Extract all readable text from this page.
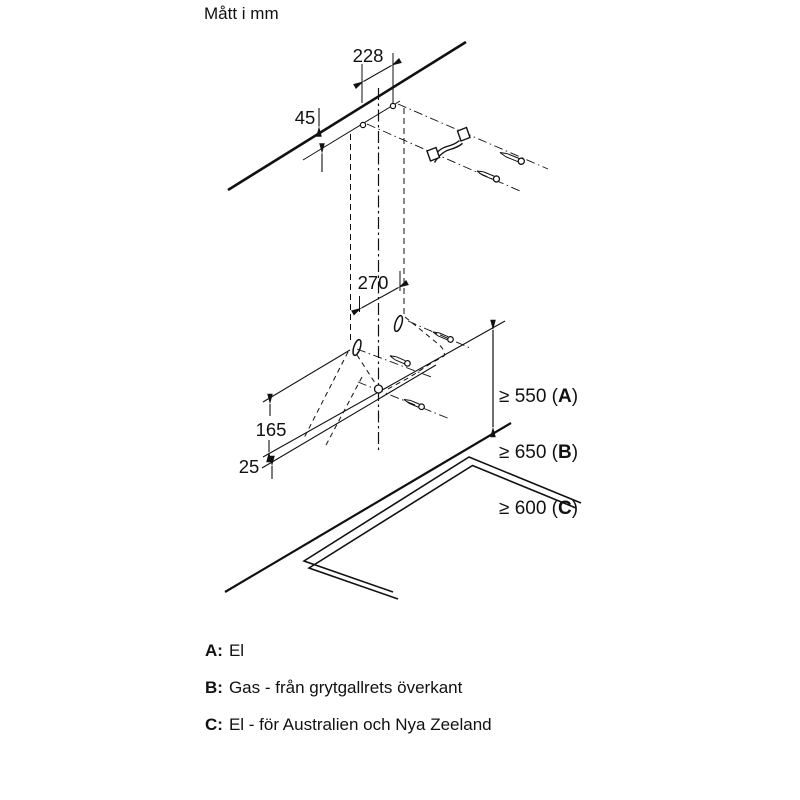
Mått i mm
228
45
270
165
25

≥ 550 (A)

≥ 650 (B)

≥ 600 (C)

A: El
B: Gas - från grytgallrets överkant
C: El - för Australien och Nya Zeeland
